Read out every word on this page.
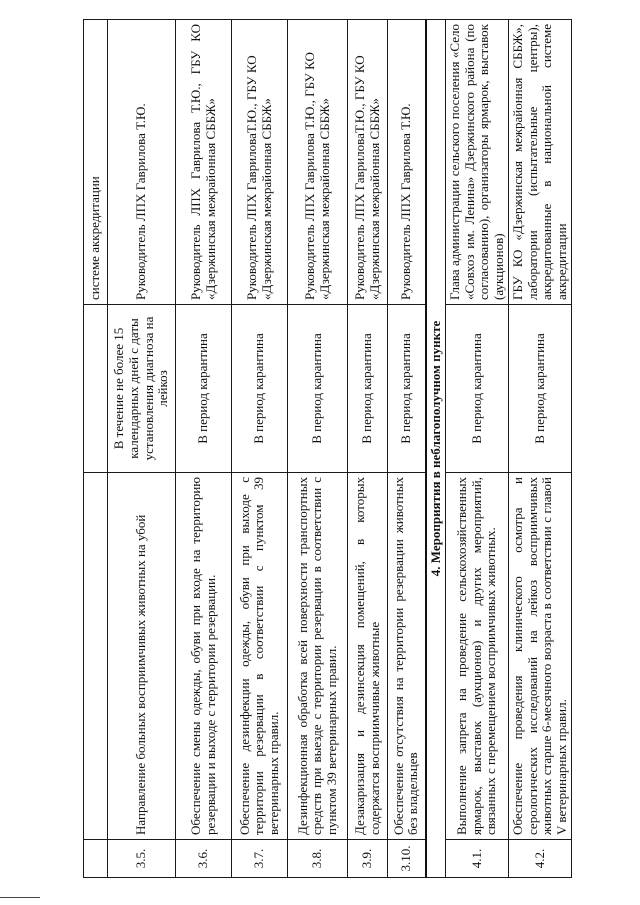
			системе аккредитации
3.5.	Направление больных восприимчивых животных на убой	В течение не более 15 календарных дней с даты установления диагноза на лейкоз	Руководитель ЛПХ Гаврилова Т.Ю.
3.6.	Обеспечение смены одежды, обуви при входе на территорию резервации и выходе с территории резервации.	В период карантина	Руководитель ЛПХ Гаврилова Т.Ю., ГБУ КО «Дзержинская межрайонная СББЖ»
3.7.	Обеспечение дезинфекции одежды, обуви при выходе с территории резервации в соответствии с пунктом 39 ветеринарных правил.	В период карантина	Руководитель ЛПХ ГавриловаТ.Ю., ГБУ КО «Дзержинская межрайонная СББЖ»
3.8.	Дезинфекционная обработка всей поверхности транспортных средств при выезде с территории резервации в соответствии с пунктом 39 ветеринарных правил.	В период карантина	Руководитель ЛПХ Гаврилова Т.Ю., ГБУ КО «Дзержинская межрайонная СББЖ»
3.9.	Дезакаризация и дезинсекция помещений, в которых содержатся восприимчивые животные	В период карантина	Руководитель ЛПХ ГавриловаТ.Ю., ГБУ КО «Дзержинская межрайонная СББЖ»
3.10.	Обеспечение отсутствия на территории резервации животных без владельцев	В период карантина	Руководитель ЛПХ Гаврилова Т.Ю.
4. Мероприятия в неблагополучном пункте			
4.1.	Выполнение запрета на проведение сельскохозяйственных ярмарок, выставок (аукционов) и других мероприятий, связанных с перемещением восприимчивых животных.	В период карантина	Глава администрации сельского поселения «Село «Совхоз им. Ленина» Дзержинского района (по согласованию), организаторы ярмарок, выставок (аукционов)
4.2.	Обеспечение проведения клинического осмотра и серологических исследований на лейкоз восприимчивых животных старше 6-месячного возраста в соответствии с главой V ветеринарных правил.	В период карантина	ГБУ КО «Дзержинская межрайонная СББЖ», лаборатории (испытательные центры), аккредитованные в национальной системе аккредитации
